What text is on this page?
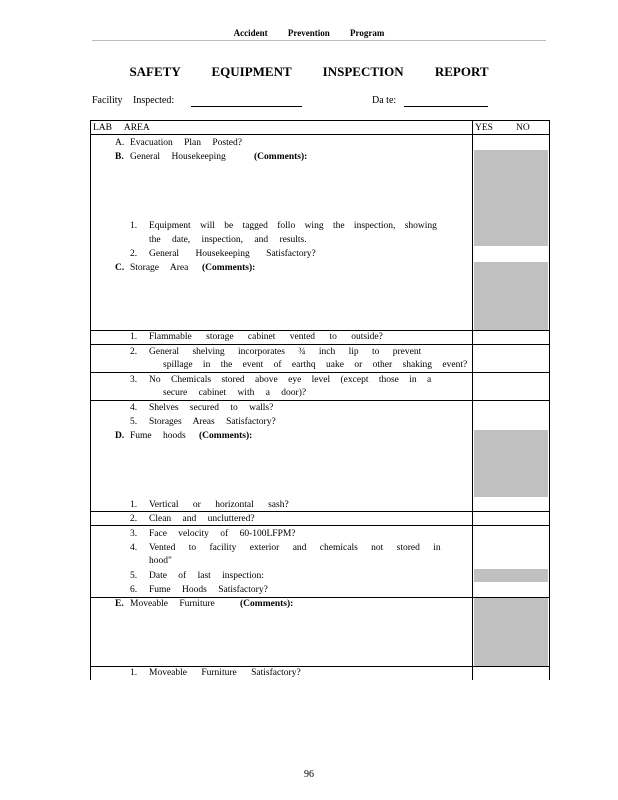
Accident Prevention Program
SAFETY EQUIPMENT INSPECTION REPORT
Facility Inspected:	Da te:
LAB AREA	YES NO
A. Evacuation Plan Posted?
B. General Housekeeping	(Comments):
1. Equipment will be tagged follo wing the inspection, showing
the date, inspection, and results.
2. General Housekeeping Satisfactory?
C. Storage Area (Comments):
1. Flammable storage cabinet vented to outside?
2. General shelving incorporates ¾ inch lip to prevent
spillage in the event of earthq uake or other shaking event?
3. No Chemicals stored above eye level (except those in a
secure cabinet with a door)?
4. Shelves secured to walls?
5. Storages Areas Satisfactory?
D. Fume hoods (Comments):
1. Vertical or horizontal sash?
2. Clean and uncluttered?
3. Face velocity of 60-100LFPM?
4. Vented to facility exterior and chemicals not stored in
hood"
5. Date of last inspection:
6. Fume Hoods Satisfactory?
E. Moveable Furniture	(Comments):
1. Moveable Furniture Satisfactory?
96
